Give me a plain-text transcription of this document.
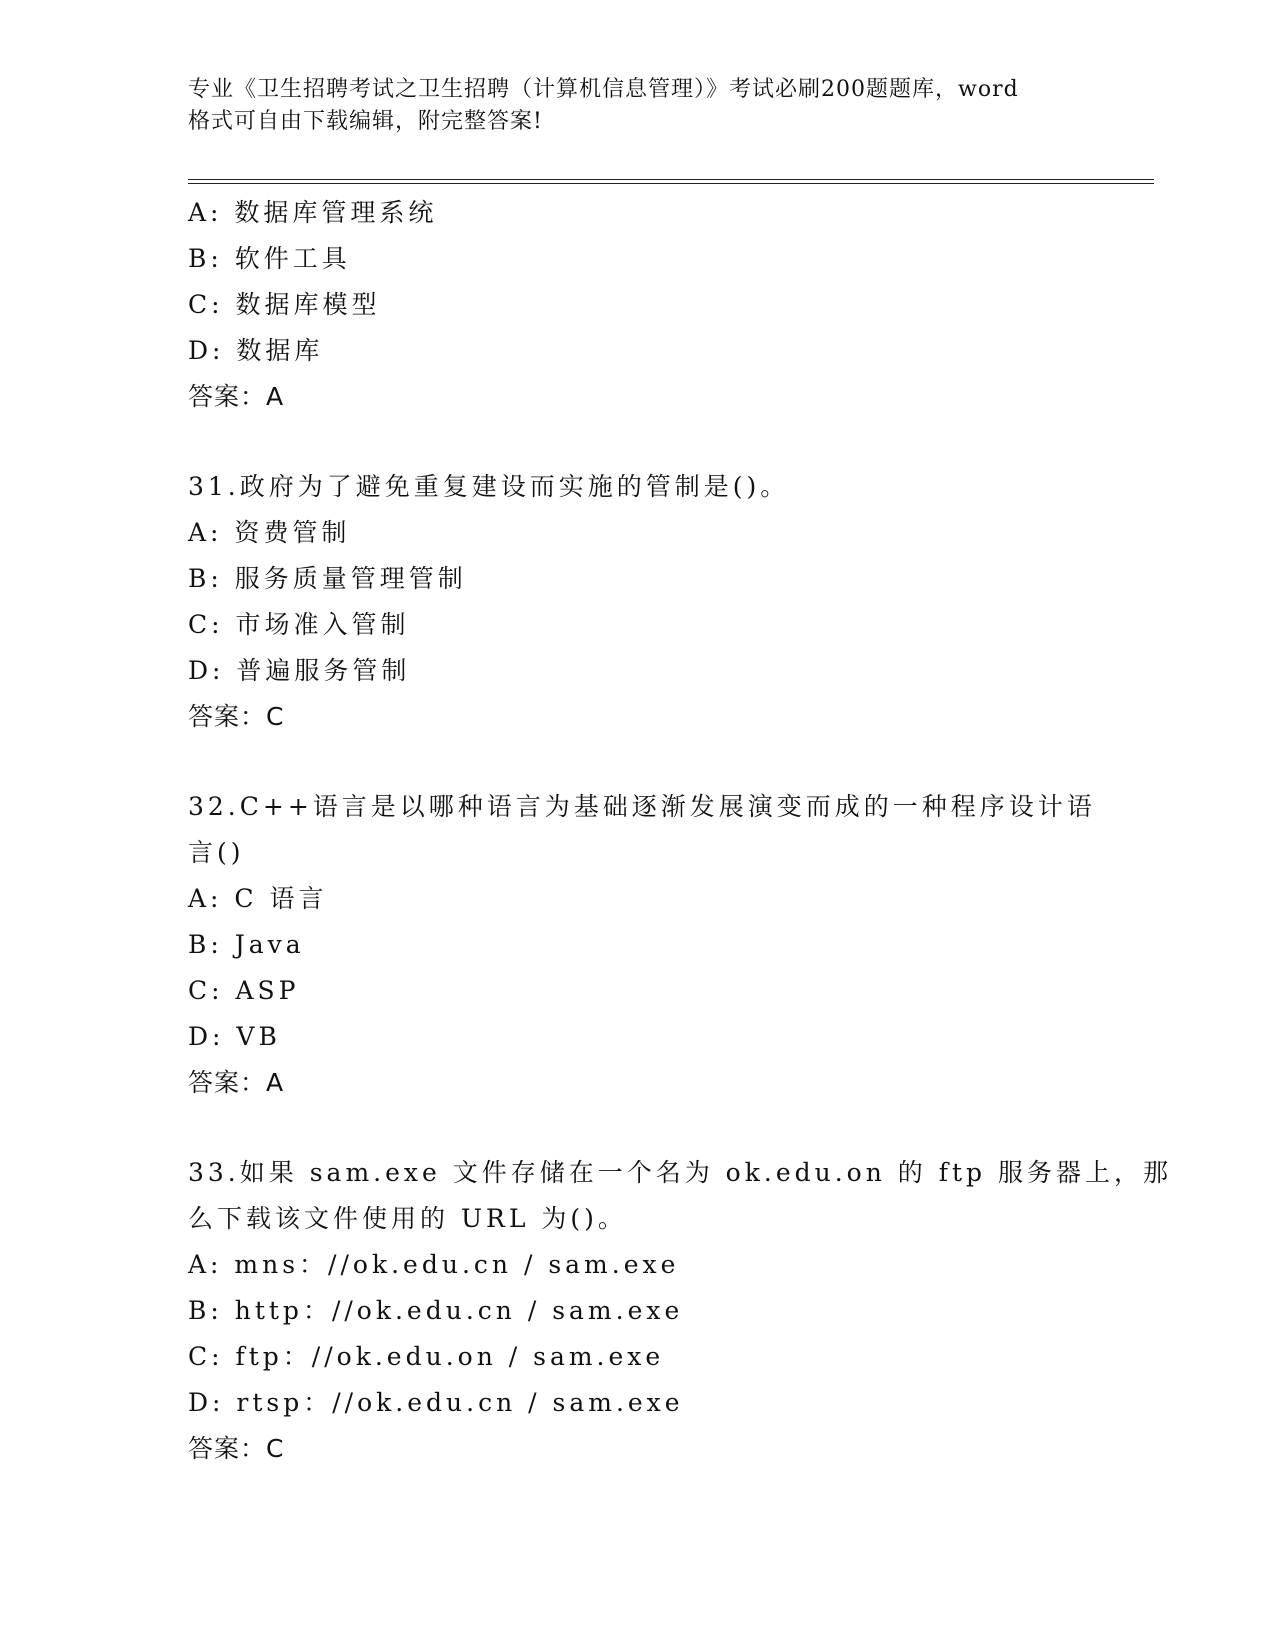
专业《卫生招聘考试之卫生招聘（计算机信息管理）》考试必刷200题题库，word
格式可自由下载编辑，附完整答案!
A: 数据库管理系统
B: 软件工具
C: 数据库模型
D: 数据库
答案：A
31.政府为了避免重复建设而实施的管制是()。
A: 资费管制
B: 服务质量管理管制
C: 市场准入管制
D: 普遍服务管制
答案：C
32.C++语言是以哪种语言为基础逐渐发展演变而成的一种程序设计语
言()
A: C 语言
B: Java
C: ASP
D: VB
答案：A
33.如果 sam.exe 文件存储在一个名为 ok.edu.on 的 ftp 服务器上，那
么下载该文件使用的 URL 为()。
A: mns：//ok.edu.cn / sam.exe
B: http：//ok.edu.cn / sam.exe
C: ftp：//ok.edu.on / sam.exe
D: rtsp：//ok.edu.cn / sam.exe
答案：C
